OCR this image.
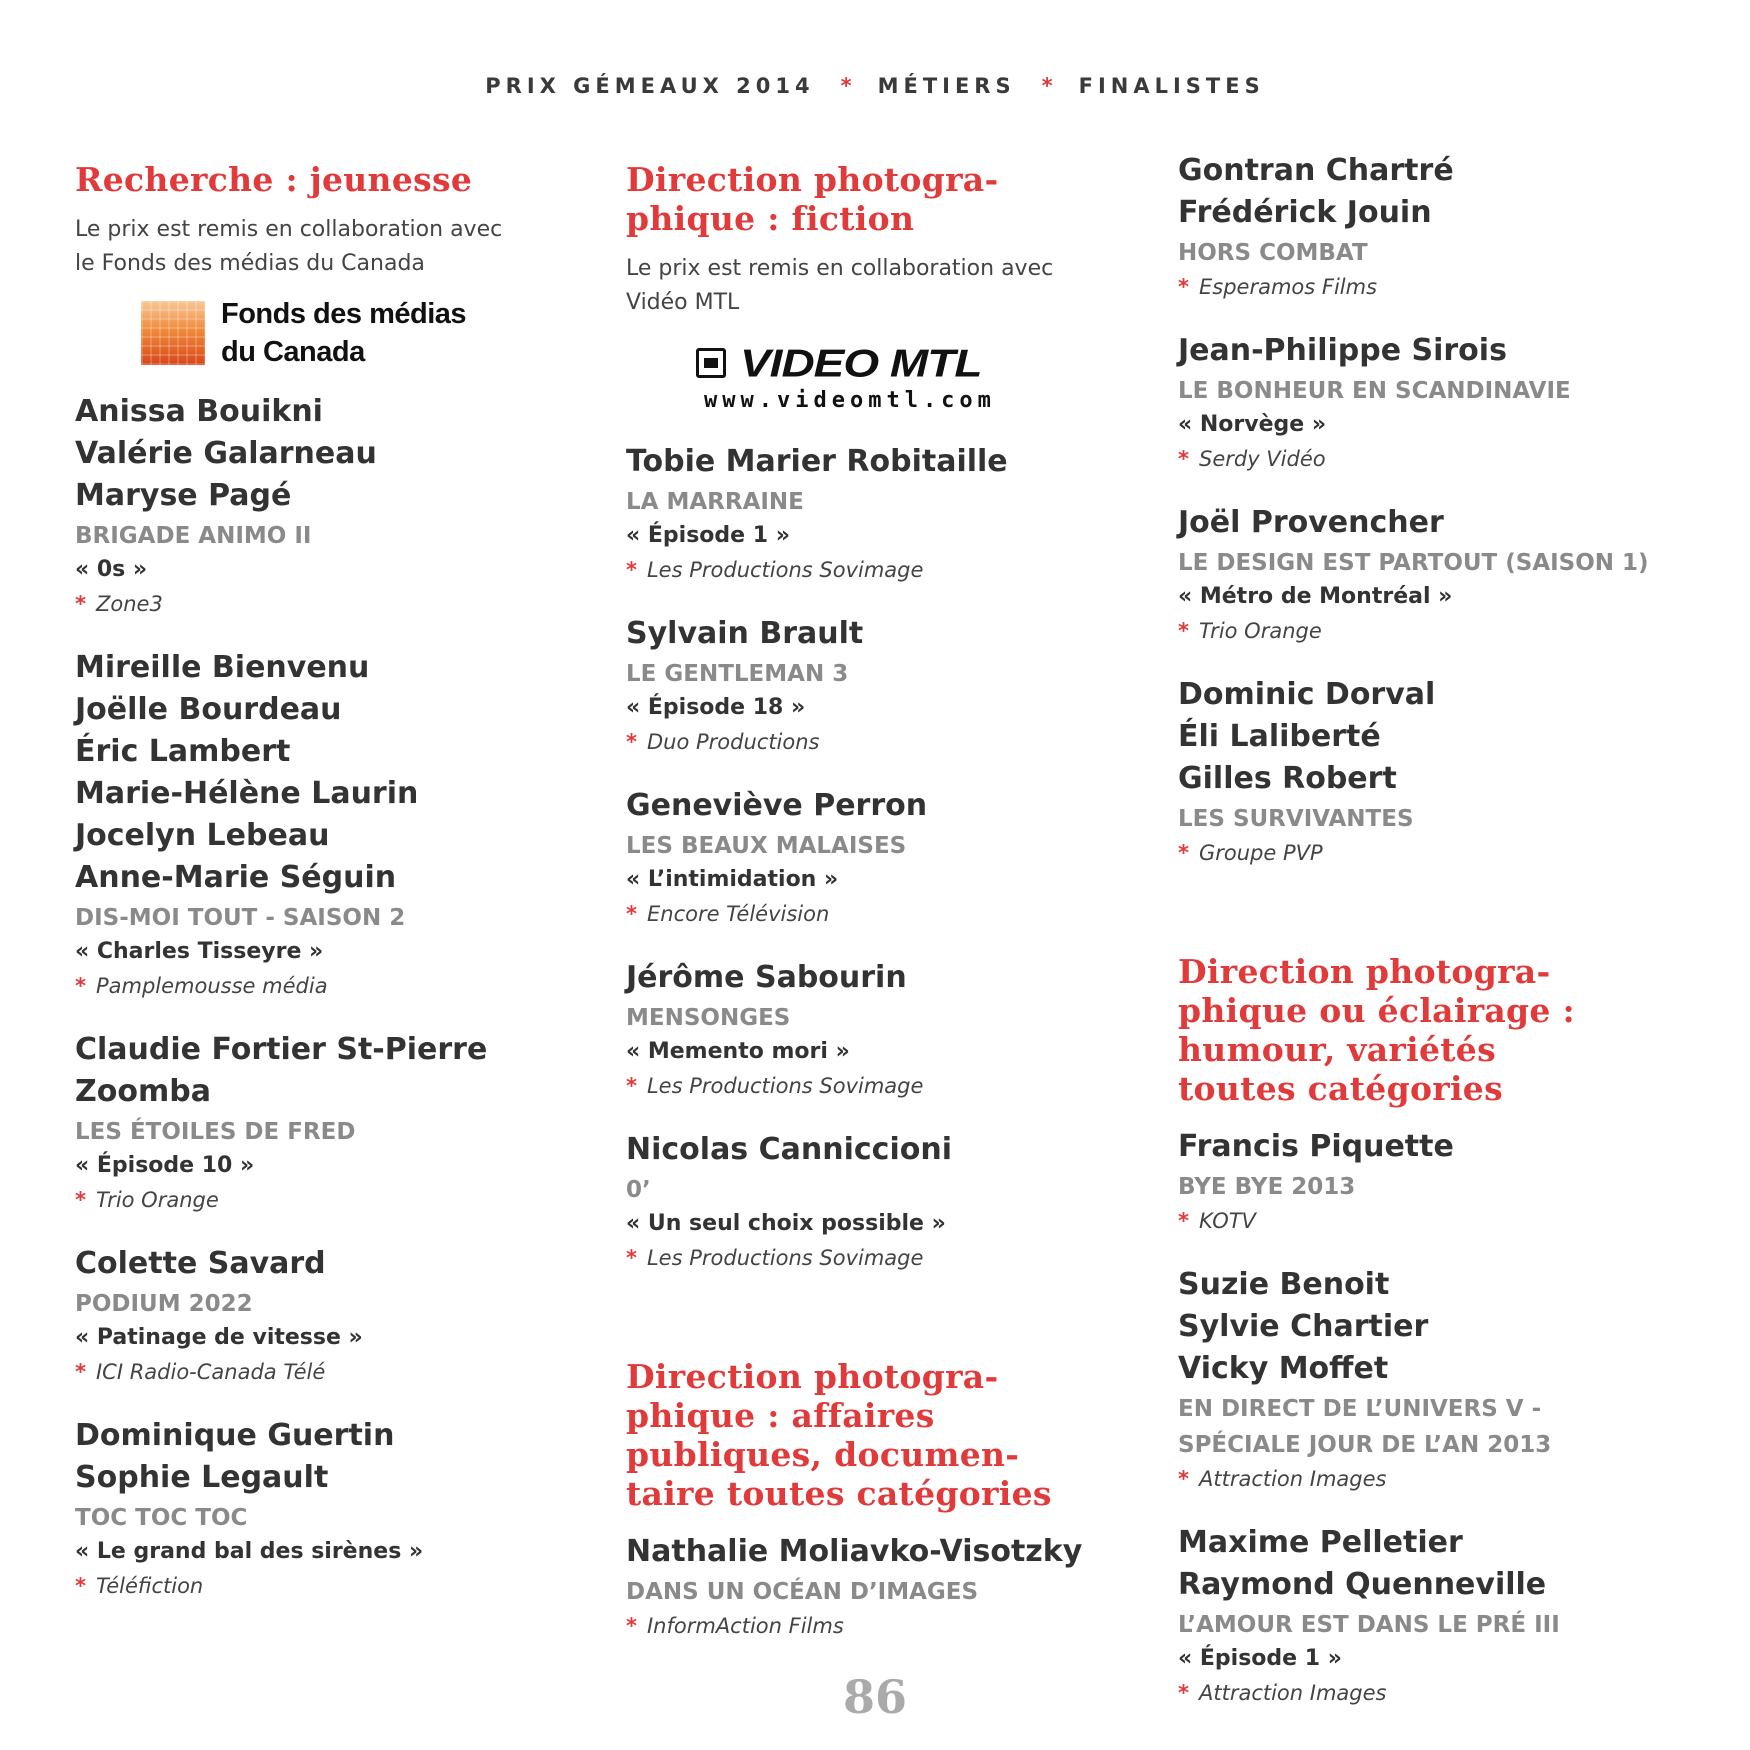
PRIX GÉMEAUX 2014 * MÉTIERS * FINALISTES
Recherche : jeunesse
Le prix est remis en collaboration avec
le Fonds des médias du Canada
Fonds des médias
du Canada
Anissa Bouikni
Valérie Galarneau
Maryse Pagé
BRIGADE ANIMO II
« 0s »
* Zone3
Mireille Bienvenu
Joëlle Bourdeau
Éric Lambert
Marie-Hélène Laurin
Jocelyn Lebeau
Anne-Marie Séguin
DIS-MOI TOUT - SAISON 2
« Charles Tisseyre »
* Pamplemousse média
Claudie Fortier St-Pierre
Zoomba
LES ÉTOILES DE FRED
« Épisode 10 »
* Trio Orange
Colette Savard
PODIUM 2022
« Patinage de vitesse »
* ICI Radio-Canada Télé
Dominique Guertin
Sophie Legault
TOC TOC TOC
« Le grand bal des sirènes »
* Téléfiction
Direction photogra-
phique : fiction
Le prix est remis en collaboration avec
Vidéo MTL
VIDEO MTL
www.videomtl.com
Tobie Marier Robitaille
LA MARRAINE
« Épisode 1 »
* Les Productions Sovimage
Sylvain Brault
LE GENTLEMAN 3
« Épisode 18 »
* Duo Productions
Geneviève Perron
LES BEAUX MALAISES
« L’intimidation »
* Encore Télévision
Jérôme Sabourin
MENSONGES
« Memento mori »
* Les Productions Sovimage
Nicolas Canniccioni
0’
« Un seul choix possible »
* Les Productions Sovimage
Direction photogra-
phique : affaires
publiques, documen-
taire toutes catégories
Nathalie Moliavko-Visotzky
DANS UN OCÉAN D’IMAGES
* InformAction Films
Gontran Chartré
Frédérick Jouin
HORS COMBAT
* Esperamos Films
Jean-Philippe Sirois
LE BONHEUR EN SCANDINAVIE
« Norvège »
* Serdy Vidéo
Joël Provencher
LE DESIGN EST PARTOUT (SAISON 1)
« Métro de Montréal »
* Trio Orange
Dominic Dorval
Éli Laliberté
Gilles Robert
LES SURVIVANTES
* Groupe PVP
Direction photogra-
phique ou éclairage :
humour, variétés
toutes catégories
Francis Piquette
BYE BYE 2013
* KOTV
Suzie Benoit
Sylvie Chartier
Vicky Moffet
EN DIRECT DE L’UNIVERS V -
SPÉCIALE JOUR DE L’AN 2013
* Attraction Images
Maxime Pelletier
Raymond Quenneville
L’AMOUR EST DANS LE PRÉ III
« Épisode 1 »
* Attraction Images
86
